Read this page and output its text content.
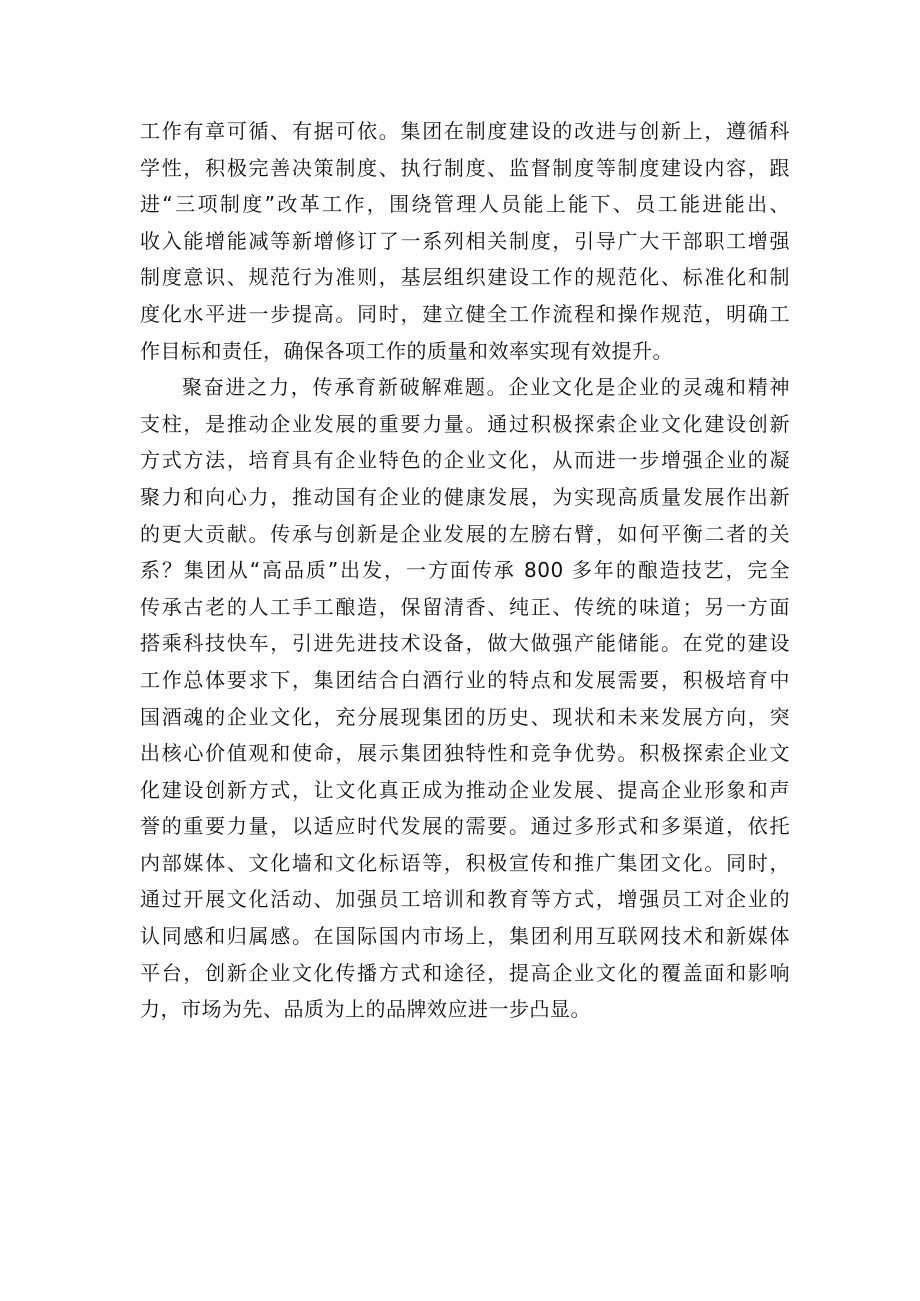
工作有章可循、有据可依。集团在制度建设的改进与创新上，遵循科
学性，积极完善决策制度、执行制度、监督制度等制度建设内容，跟
进“三项制度”改革工作，围绕管理人员能上能下、员工能进能出、
收入能增能减等新增修订了一系列相关制度，引导广大干部职工增强
制度意识、规范行为准则，基层组织建设工作的规范化、标准化和制
度化水平进一步提高。同时，建立健全工作流程和操作规范，明确工
作目标和责任，确保各项工作的质量和效率实现有效提升。
聚奋进之力，传承育新破解难题。企业文化是企业的灵魂和精神
支柱，是推动企业发展的重要力量。通过积极探索企业文化建设创新
方式方法，培育具有企业特色的企业文化，从而进一步增强企业的凝
聚力和向心力，推动国有企业的健康发展，为实现高质量发展作出新
的更大贡献。传承与创新是企业发展的左膀右臂，如何平衡二者的关
系？集团从“高品质”出发，一方面传承 800 多年的酿造技艺，完全
传承古老的人工手工酿造，保留清香、纯正、传统的味道；另一方面
搭乘科技快车，引进先进技术设备，做大做强产能储能。在党的建设
工作总体要求下，集团结合白酒行业的特点和发展需要，积极培育中
国酒魂的企业文化，充分展现集团的历史、现状和未来发展方向，突
出核心价值观和使命，展示集团独特性和竞争优势。积极探索企业文
化建设创新方式，让文化真正成为推动企业发展、提高企业形象和声
誉的重要力量，以适应时代发展的需要。通过多形式和多渠道，依托
内部媒体、文化墙和文化标语等，积极宣传和推广集团文化。同时，
通过开展文化活动、加强员工培训和教育等方式，增强员工对企业的
认同感和归属感。在国际国内市场上，集团利用互联网技术和新媒体
平台，创新企业文化传播方式和途径，提高企业文化的覆盖面和影响
力，市场为先、品质为上的品牌效应进一步凸显。
